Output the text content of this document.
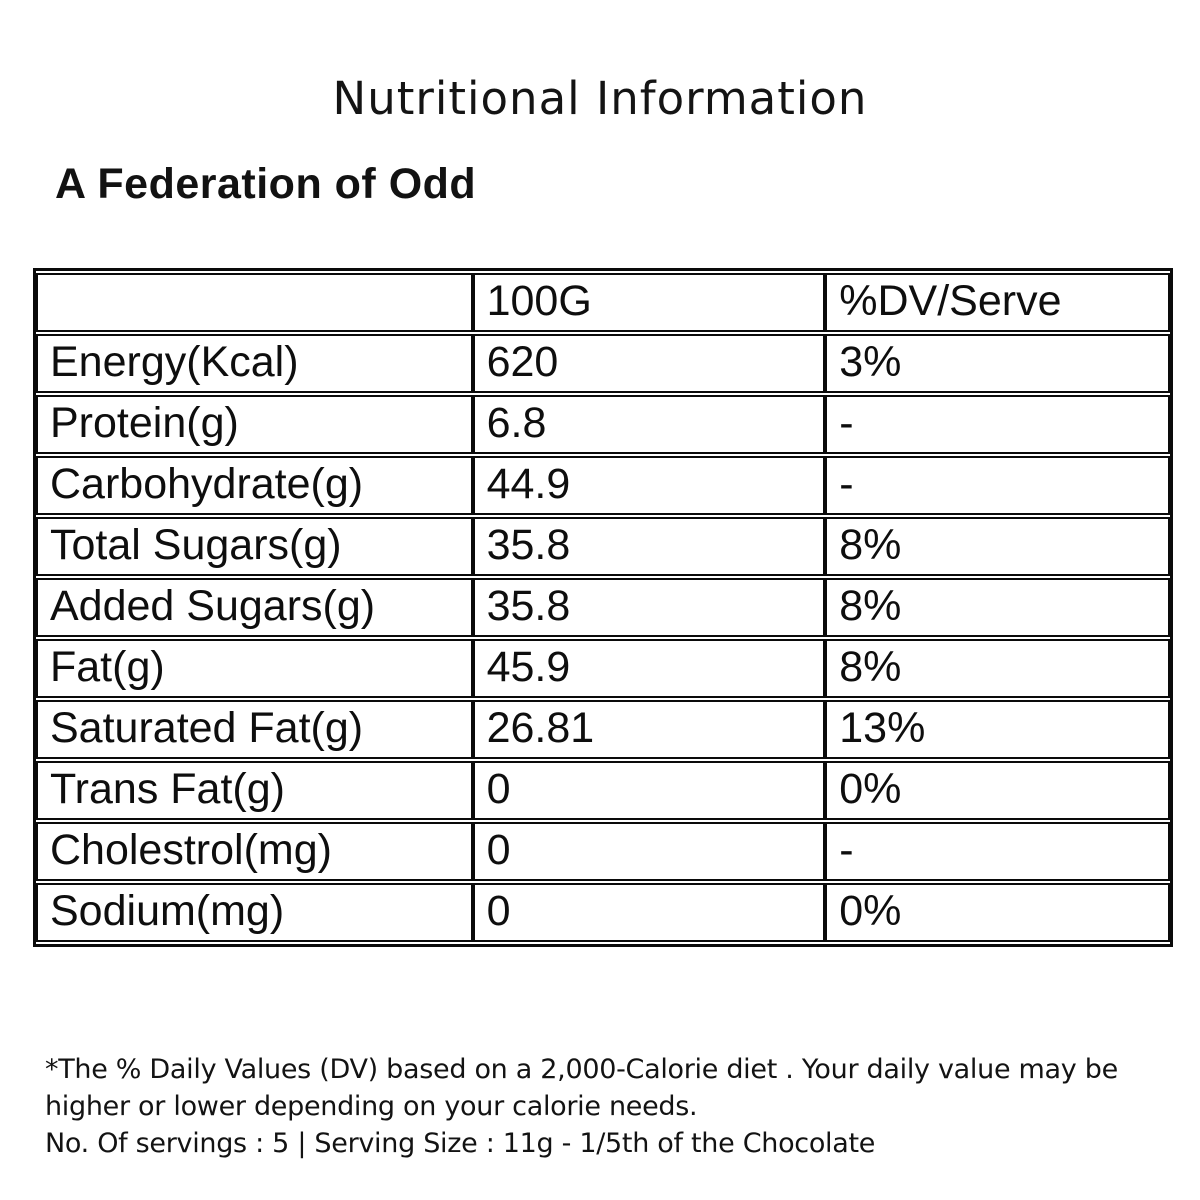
Nutritional Information
A Federation of Odd
	100G	%DV/Serve
Energy(Kcal)	620	3%
Protein(g)	6.8	-
Carbohydrate(g)	44.9	-
Total Sugars(g)	35.8	8%
Added Sugars(g)	35.8	8%
Fat(g)	45.9	8%
Saturated Fat(g)	26.81	13%
Trans Fat(g)	0	0%
Cholestrol(mg)	0	-
Sodium(mg)	0	0%
*The % Daily Values (DV) based on a 2,000-Calorie diet . Your daily value may be
higher or lower depending on your calorie needs.
No. Of servings : 5 | Serving Size : 11g - 1/5th of the Chocolate
